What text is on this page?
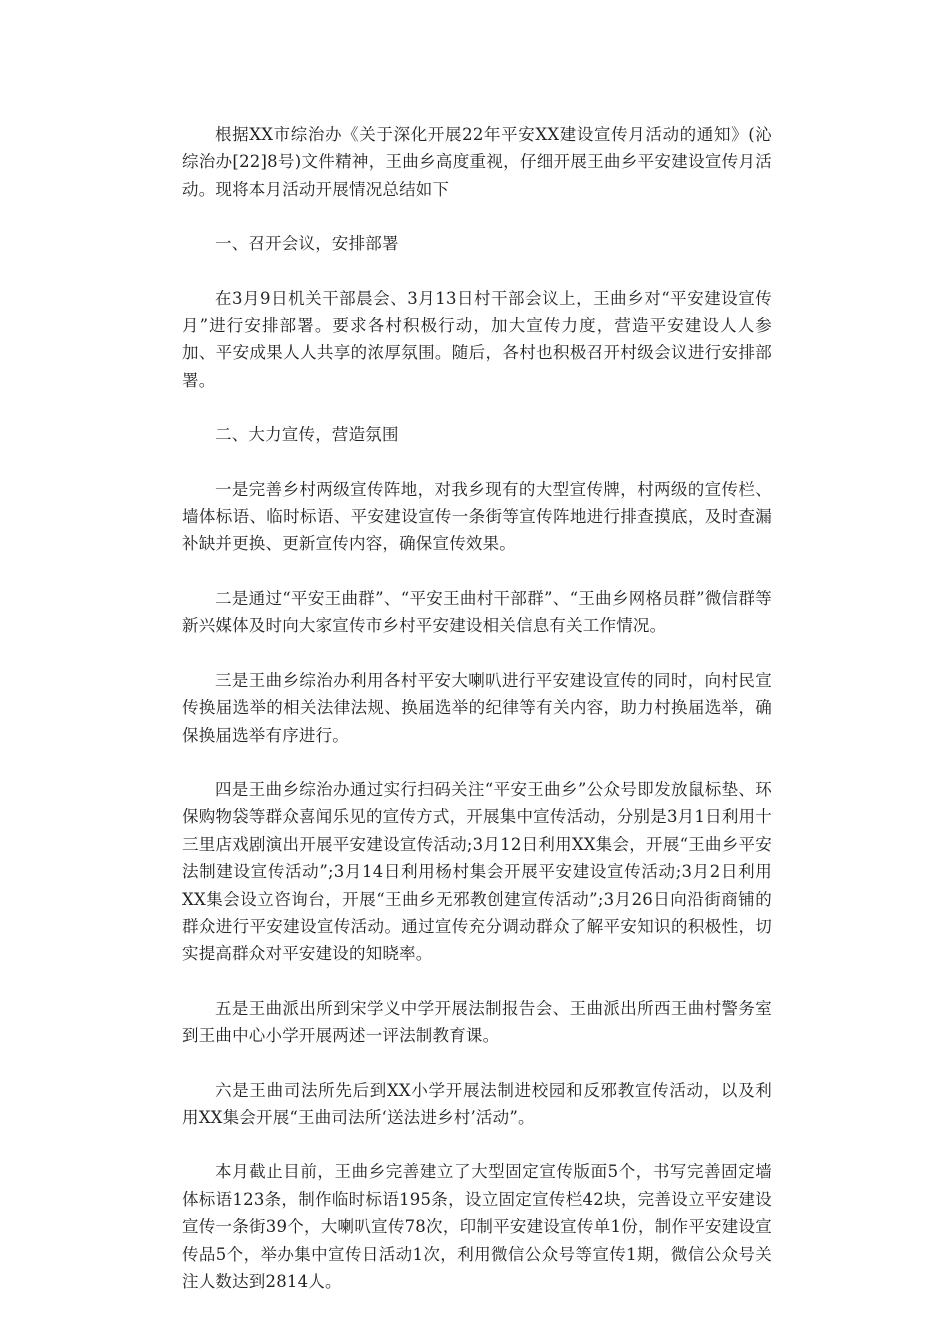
根据XX市综治办《关于深化开展22年平安XX建设宣传月活动的通知》(沁综治办[22]8号)文件精神，王曲乡高度重视，仔细开展王曲乡平安建设宣传月活动。现将本月活动开展情况总结如下

一、召开会议，安排部署

在3月9日机关干部晨会、3月13日村干部会议上，王曲乡对“平安建设宣传月”进行安排部署。要求各村积极行动，加大宣传力度，营造平安建设人人参加、平安成果人人共享的浓厚氛围。随后，各村也积极召开村级会议进行安排部署。

二、大力宣传，营造氛围

一是完善乡村两级宣传阵地，对我乡现有的大型宣传牌，村两级的宣传栏、墙体标语、临时标语、平安建设宣传一条街等宣传阵地进行排查摸底，及时查漏补缺并更换、更新宣传内容，确保宣传效果。

二是通过“平安王曲群”、“平安王曲村干部群”、“王曲乡网格员群”微信群等新兴媒体及时向大家宣传市乡村平安建设相关信息有关工作情况。

三是王曲乡综治办利用各村平安大喇叭进行平安建设宣传的同时，向村民宣传换届选举的相关法律法规、换届选举的纪律等有关内容，助力村换届选举，确保换届选举有序进行。

四是王曲乡综治办通过实行扫码关注“平安王曲乡”公众号即发放鼠标垫、环保购物袋等群众喜闻乐见的宣传方式，开展集中宣传活动，分别是3月1日利用十三里店戏剧演出开展平安建设宣传活动;3月12日利用XX集会，开展“王曲乡平安法制建设宣传活动”;3月14日利用杨村集会开展平安建设宣传活动;3月2日利用XX集会设立咨询台，开展“王曲乡无邪教创建宣传活动”;3月26日向沿街商铺的群众进行平安建设宣传活动。通过宣传充分调动群众了解平安知识的积极性，切实提高群众对平安建设的知晓率。

五是王曲派出所到宋学义中学开展法制报告会、王曲派出所西王曲村警务室到王曲中心小学开展两述一评法制教育课。

六是王曲司法所先后到XX小学开展法制进校园和反邪教宣传活动，以及利用XX集会开展“王曲司法所‘送法进乡村’活动”。

本月截止目前，王曲乡完善建立了大型固定宣传版面5个，书写完善固定墙体标语123条，制作临时标语195条，设立固定宣传栏42块，完善设立平安建设宣传一条街39个，大喇叭宣传78次，印制平安建设宣传单1份，制作平安建设宣传品5个，举办集中宣传日活动1次，利用微信公众号等宣传1期，微信公众号关注人数达到2814人。
